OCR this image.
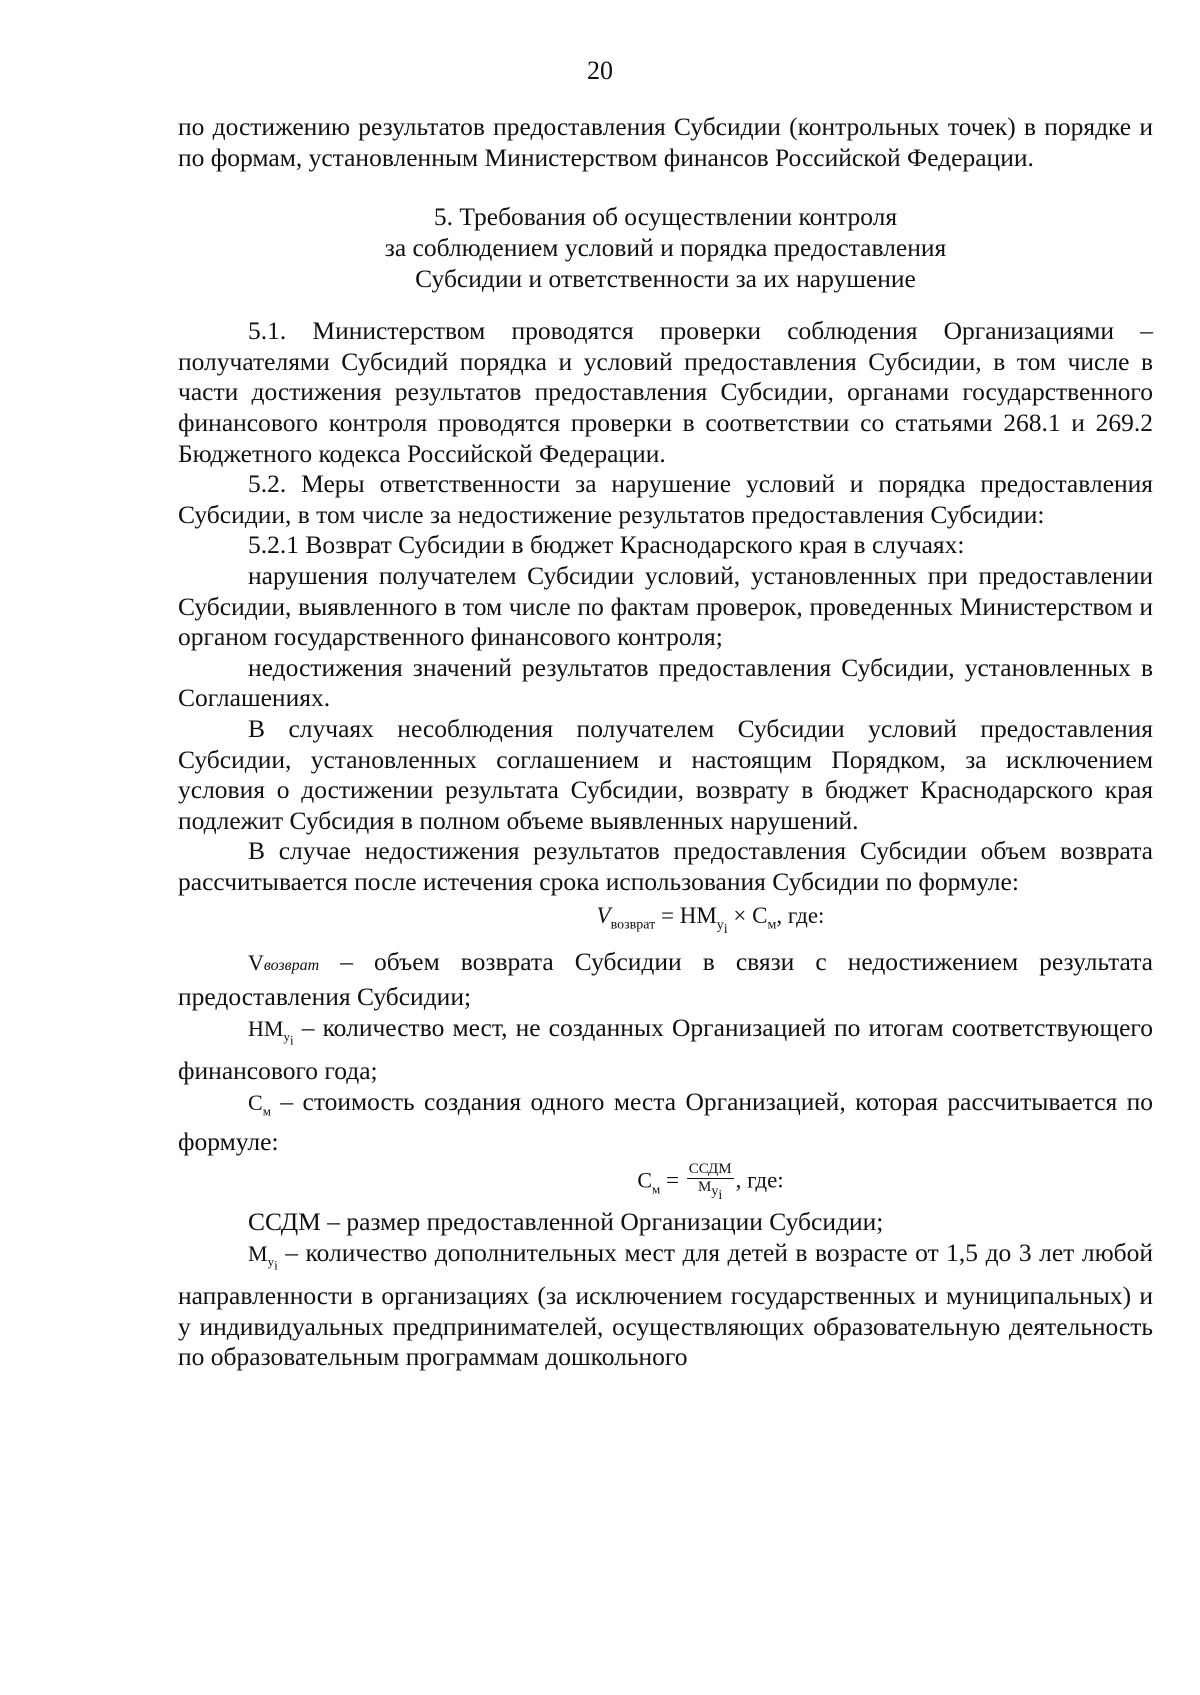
20

по достижению результатов предоставления Субсидии (контрольных точек) в порядке и по формам, установленным Министерством финансов Российской Федерации.

5. Требования об осуществлении контроля
за соблюдением условий и порядка предоставления
Субсидии и ответственности за их нарушение

5.1. Министерством проводятся проверки соблюдения Организациями – получателями Субсидий порядка и условий предоставления Субсидии, в том числе в части достижения результатов предоставления Субсидии, органами государственного финансового контроля проводятся проверки в соответствии со статьями 268.1 и 269.2 Бюджетного кодекса Российской Федерации.

5.2. Меры ответственности за нарушение условий и порядка предоставления Субсидии, в том числе за недостижение результатов предоставления Субсидии:

5.2.1 Возврат Субсидии в бюджет Краснодарского края в случаях:

нарушения получателем Субсидии условий, установленных при предоставлении Субсидии, выявленного в том числе по фактам проверок, проведенных Министерством и органом государственного финансового контроля;

недостижения значений результатов предоставления Субсидии, установленных в Соглашениях.

В случаях несоблюдения получателем Субсидии условий предоставления Субсидии, установленных соглашением и настоящим Порядком, за исключением условия о достижении результата Субсидии, возврату в бюджет Краснодарского края подлежит Субсидия в полном объеме выявленных нарушений.

В случае недостижения результатов предоставления Субсидии объем возврата рассчитывается после истечения срока использования Субсидии по формуле:

$V_{возврат} = НМ_{у_i} \times С_м$, где:

Vвозврат – объем возврата Субсидии в связи с недостижением результата предоставления Субсидии;

$НМ_{у_i}$ – количество мест, не созданных Организацией по итогам соответствующего финансового года;

$С_м$ – стоимость создания одного места Организацией, которая рассчитывается по формуле:

$С_м = \frac{\text{ССДМ}}{М_{у_i}}$ , где:

ССДМ – размер предоставленной Организации Субсидии;

$М_{у_i}$ – количество дополнительных мест для детей в возрасте от 1,5 до 3 лет любой направленности в организациях (за исключением государственных и муниципальных) и у индивидуальных предпринимателей, осуществляющих образовательную деятельность по образовательным программам дошкольного
